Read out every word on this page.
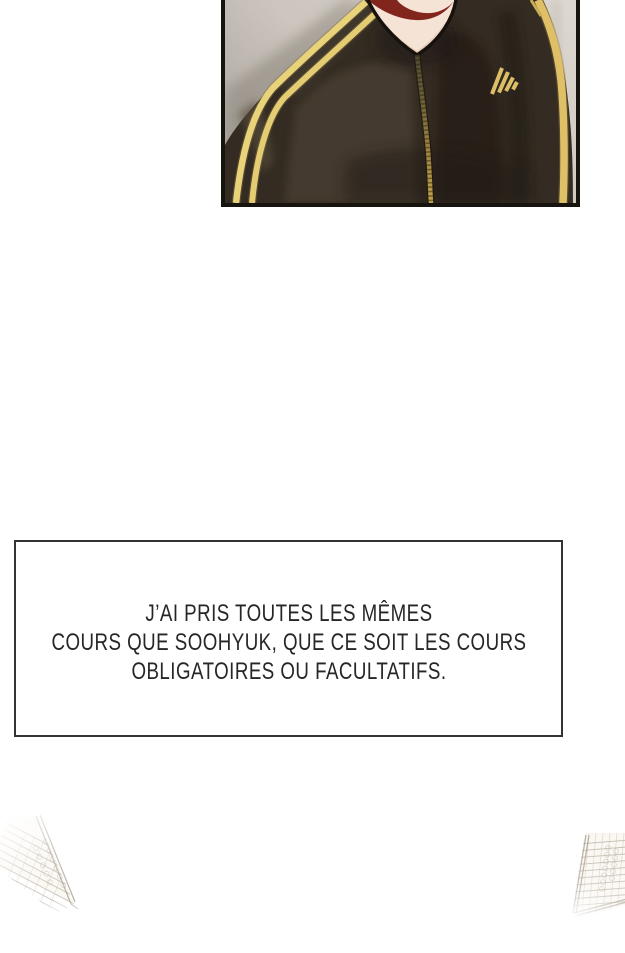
J’AI PRIS TOUTES LES MÊMES
COURS QUE SOOHYUK, QUE CE SOIT LES COURS
OBLIGATOIRES OU FACULTATIFS.
